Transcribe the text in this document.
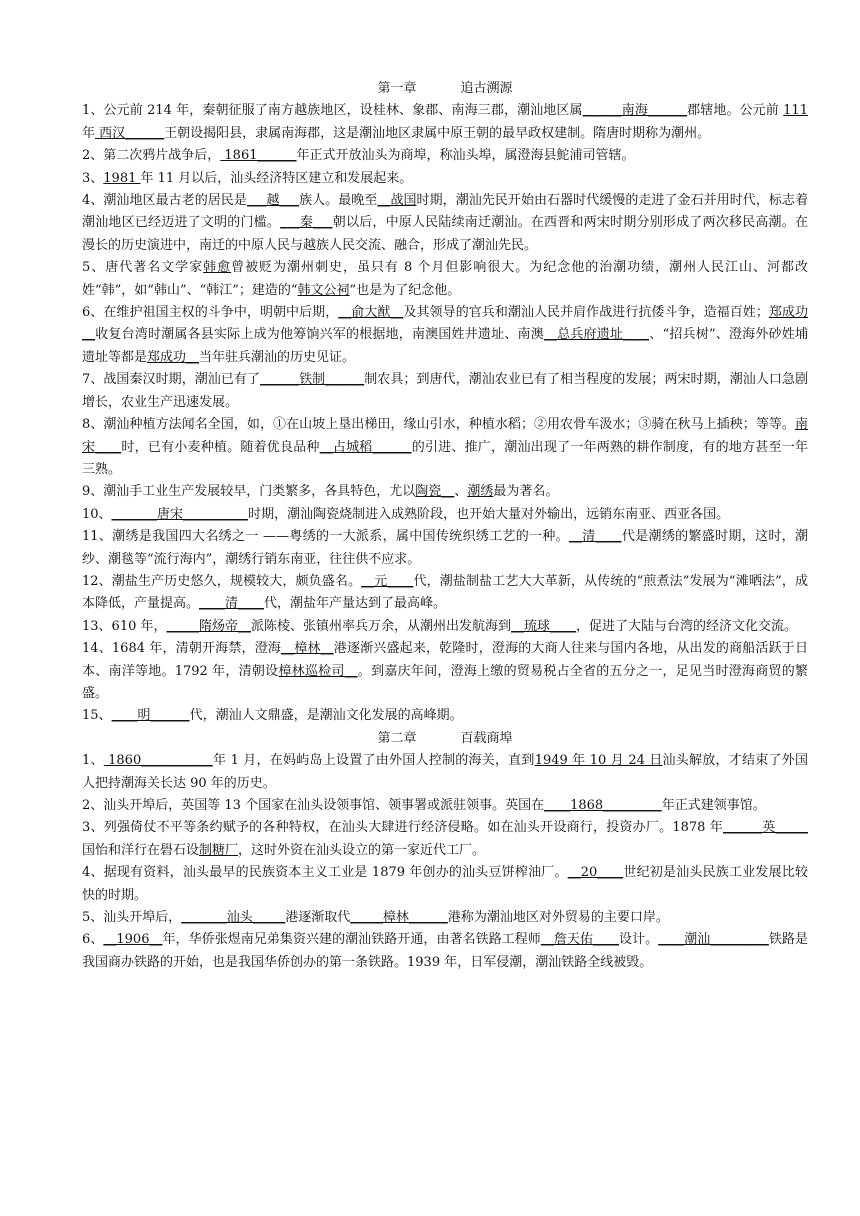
第一章	追古溯源

1、公元前 214 年，秦朝征服了南方越族地区，设桂林、象郡、南海三郡，潮汕地区属______南海______郡辖地。公元前 111 年 西汉______王朝设揭阳县，隶属南海郡，这是潮汕地区隶属中原王朝的最早政权建制。隋唐时期称为潮州。

2、第二次鸦片战争后， 1861______年正式开放汕头为商埠，称汕头埠，属澄海县鮀浦司管辖。

3、1981 年 11 月以后，汕头经济特区建立和发展起来。

4、潮汕地区最古老的居民是___越___族人。最晚至__战国时期，潮汕先民开始由石器时代缓慢的走进了金石并用时代，标志着潮汕地区已经迈进了文明的门槛。___秦___朝以后，中原人民陆续南迁潮汕。在西晋和两宋时期分别形成了两次移民高潮。在漫长的历史演进中，南迁的中原人民与越族人民交流、融合，形成了潮汕先民。

5、唐代著名文学家韩愈曾被贬为潮州刺史，虽只有 8 个月但影响很大。为纪念他的治潮功绩，潮州人民江山、河都改姓“韩”，如“韩山”、“韩江”；建造的“韩文公祠”也是为了纪念他。

6、在维护祖国主权的斗争中，明朝中后期，__俞大猷__及其领导的官兵和潮汕人民并肩作战进行抗倭斗争，造福百姓；郑成功__收复台湾时潮属各县实际上成为他筹饷兴军的根据地，南澳国姓井遗址、南澳__总兵府遗址____、“招兵树”、澄海外砂姓埔遗址等都是郑成功__当年驻兵潮汕的历史见证。

7、战国秦汉时期，潮汕已有了______铁制______制农具；到唐代，潮汕农业已有了相当程度的发展；两宋时期，潮汕人口急剧增长，农业生产迅速发展。

8、潮汕种植方法闻名全国，如，①在山坡上垦出梯田，缘山引水，种植水稻；②用农骨车汲水；③骑在秋马上插秧；等等。南宋____时，已有小麦种植。随着优良品种__占城稻______的引进、推广，潮汕出现了一年两熟的耕作制度，有的地方甚至一年三熟。

9、潮汕手工业生产发展较早，门类繁多，各具特色，尤以陶瓷__、潮绣最为著名。

10、_______唐宋__________时期，潮汕陶瓷烧制进入成熟阶段，也开始大量对外输出，远销东南亚、西亚各国。

11、潮绣是我国四大名绣之一 ——粤绣的一大派系，属中国传统织绣工艺的一种。__清____代是潮绣的繁盛时期，这时，潮纱、潮毯等“流行海内”，潮绣行销东南亚，往往供不应求。

12、潮盐生产历史悠久，规模较大，颇负盛名。__元____代，潮盐制盐工艺大大革新，从传统的“煎煮法”发展为“滩晒法”，成本降低，产量提高。____清____代，潮盐年产量达到了最高峰。

13、610 年，_____隋炀帝__派陈棱、张镇州率兵万余，从潮州出发航海到__琉球____，促进了大陆与台湾的经济文化交流。

14、1684 年，清朝开海禁，澄海__樟林__港逐渐兴盛起来，乾隆时，澄海的大商人往来与国内各地，从出发的商船活跃于日本、南洋等地。1792 年，清朝设樟林巡检司__。到嘉庆年间，澄海上缴的贸易税占全省的五分之一，足见当时澄海商贸的繁盛。

15、____明______代，潮汕人文鼎盛，是潮汕文化发展的高峰期。

第二章	百载商埠

1、 1860___________年 1 月，在妈屿岛上设置了由外国人控制的海关，直到1949 年 10 月 24 日汕头解放，才结束了外国人把持潮海关长达 90 年的历史。

2、汕头开埠后，英国等 13 个国家在汕头设领事馆、领事署或派驻领事。英国在____1868_________年正式建领事馆。

3、列强倚仗不平等条约赋予的各种特权，在汕头大肆进行经济侵略。如在汕头开设商行，投资办厂。1878 年______英_____国怡和洋行在礐石设制糖厂，这时外资在汕头设立的第一家近代工厂。

4、据现有资料，汕头最早的民族资本主义工业是 1879 年创办的汕头豆饼榨油厂。__20____世纪初是汕头民族工业发展比较快的时期。

5、汕头开埠后，_______汕头_____港逐渐取代_____樟林______港称为潮汕地区对外贸易的主要口岸。

6、__1906__年，华侨张煜南兄弟集资兴建的潮汕铁路开通，由著名铁路工程师__詹天佑____设计。____潮汕_________铁路是我国商办铁路的开始，也是我国华侨创办的第一条铁路。1939 年，日军侵潮，潮汕铁路全线被毁。
